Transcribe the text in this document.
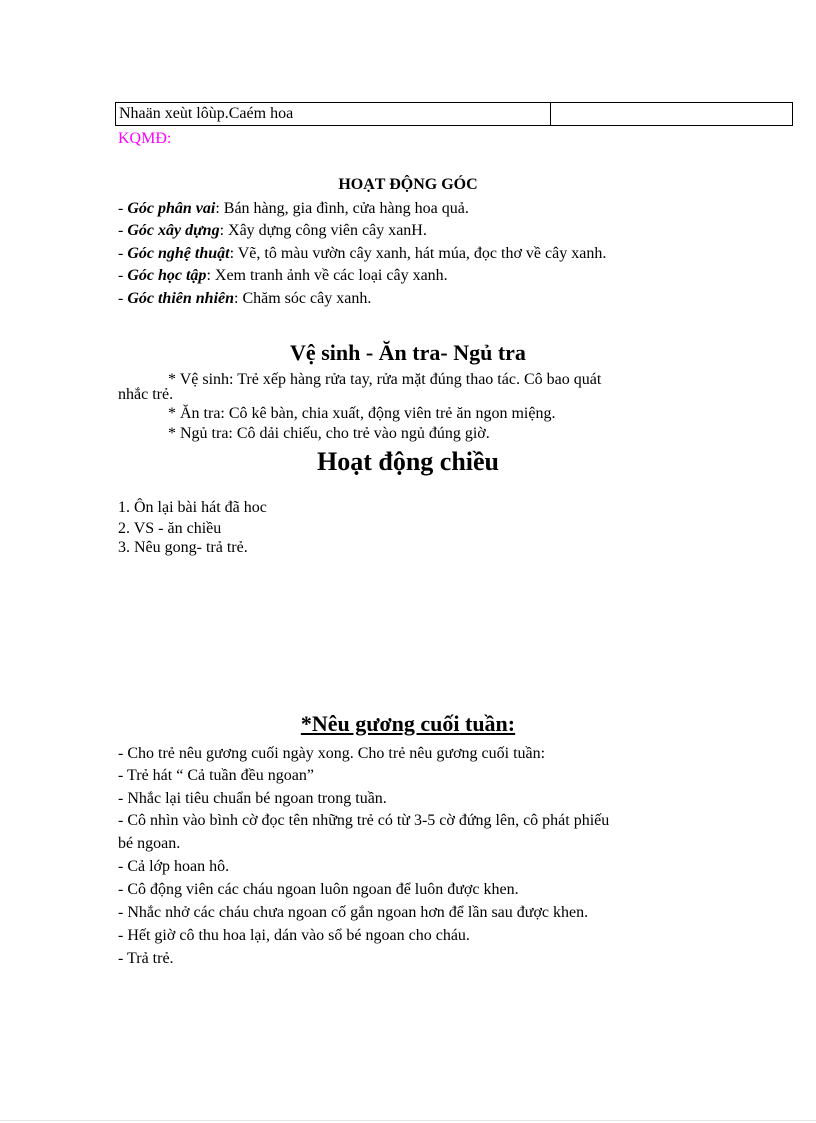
Nhaän xeùt lôùp.Caém hoa	
KQMĐ:
HOẠT ĐỘNG GÓC
- Góc phân vai: Bán hàng, gia đình, cửa hàng hoa quả.
- Góc xây dựng: Xây dựng công viên cây xanH.
- Góc nghệ thuật: Vẽ, tô màu vườn cây xanh, hát múa, đọc thơ về cây xanh.
- Góc học tập: Xem tranh ảnh về các loại cây xanh.
- Góc thiên nhiên: Chăm sóc cây xanh.
Vệ sinh - Ăn tra- Ngủ tra
* Vệ sinh: Trẻ xếp hàng rửa tay, rửa mặt đúng thao tác. Cô bao quát
nhắc trẻ.
* Ăn tra: Cô kê bàn, chia xuất, động viên trẻ ăn ngon miệng.
* Ngủ tra: Cô dải chiếu, cho trẻ vào ngủ đúng giờ.
Hoạt động chiều
1. Ôn lại bài hát đã hoc
2. VS - ăn chiều
3. Nêu gong- trả trẻ.
*Nêu gương cuối tuần:
- Cho trẻ nêu gương cuối ngày xong. Cho trẻ nêu gương cuối tuần:
- Trẻ hát “ Cả tuần đều ngoan”
- Nhắc lại tiêu chuẩn bé ngoan trong tuần.
- Cô nhìn vào bình cờ đọc tên những trẻ có từ 3-5 cờ đứng lên, cô phát phiếu
bé ngoan.
- Cả lớp hoan hô.
- Cô động viên các cháu ngoan luôn ngoan để luôn được khen.
- Nhắc nhở các cháu chưa ngoan cố gắn ngoan hơn để lần sau được khen.
- Hết giờ cô thu hoa lại, dán vào sổ bé ngoan cho cháu.
- Trả trẻ.
